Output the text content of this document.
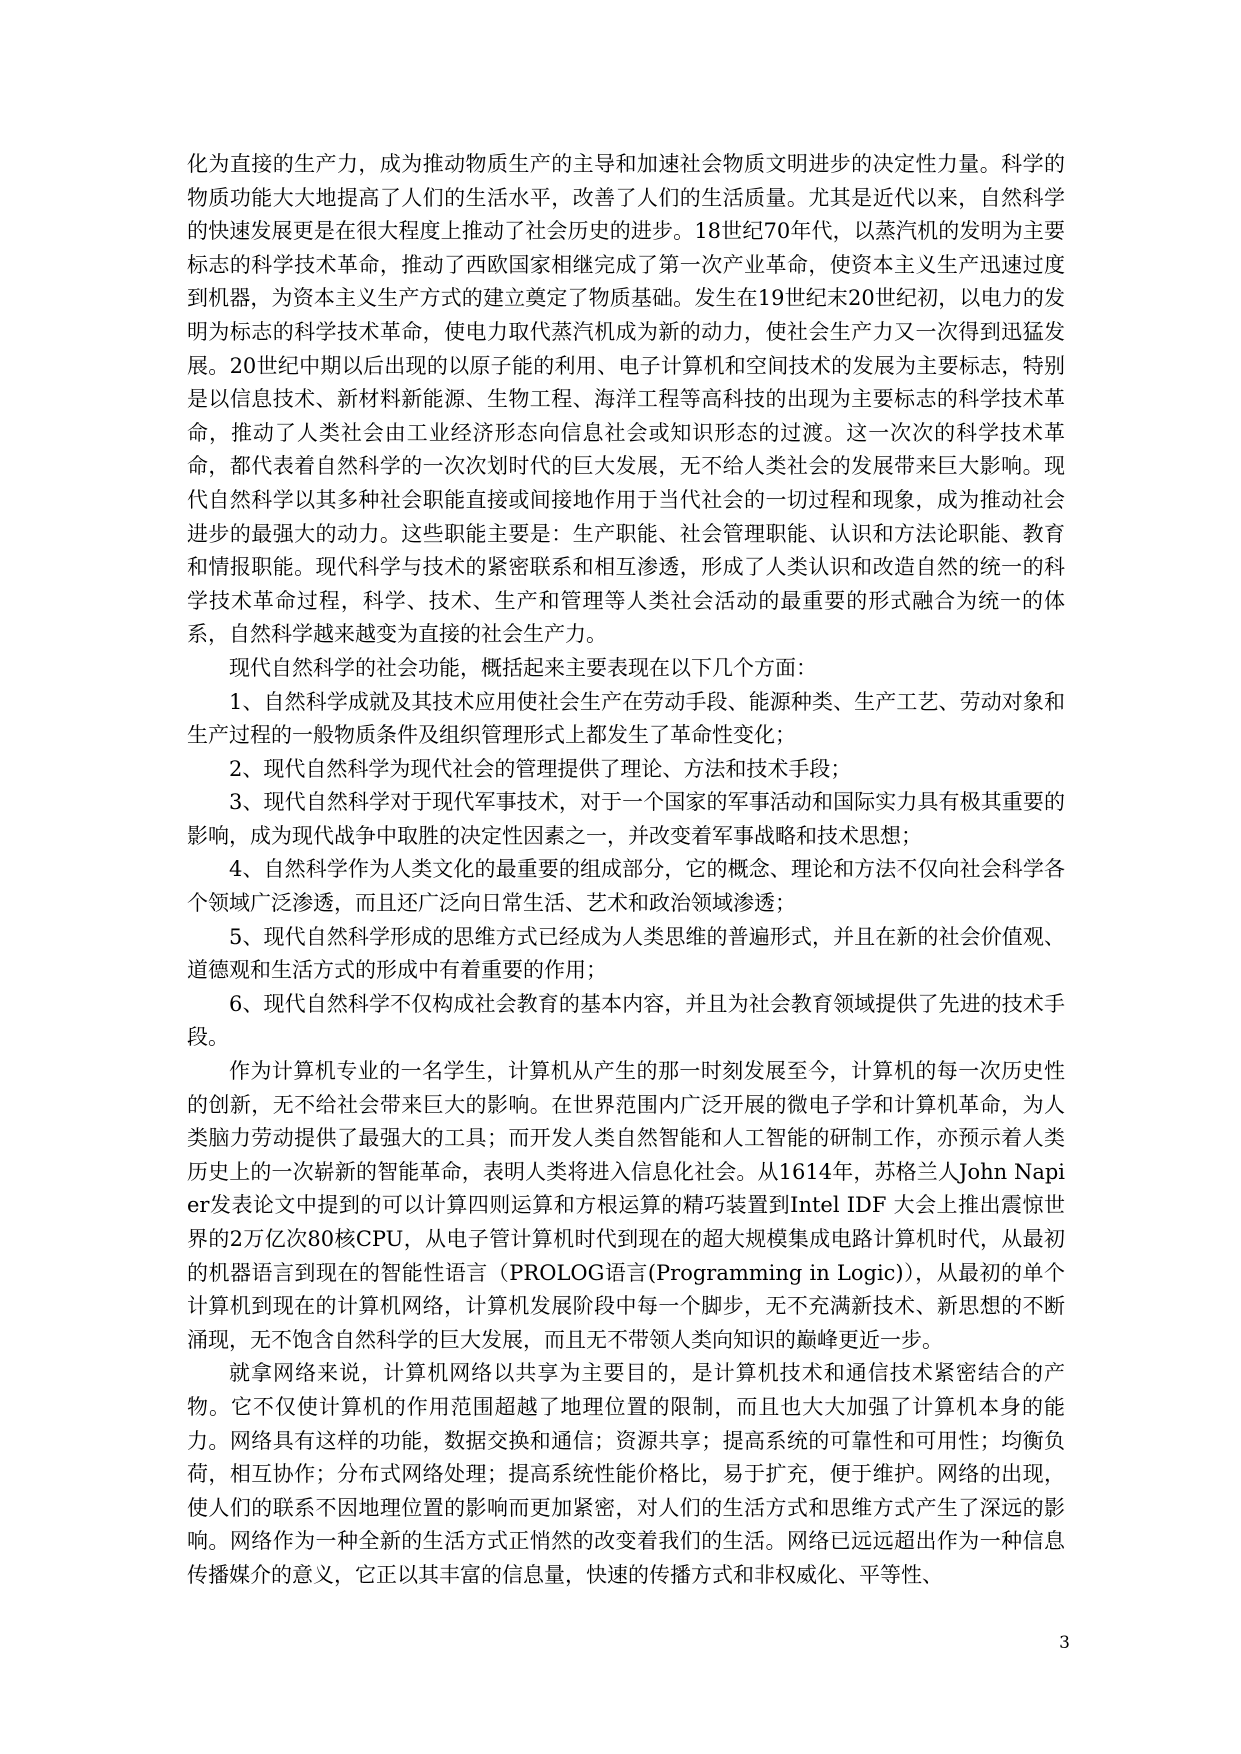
化为直接的生产力，成为推动物质生产的主导和加速社会物质文明进步的决定性力量。科学的物质功能大大地提高了人们的生活水平，改善了人们的生活质量。尤其是近代以来，自然科学的快速发展更是在很大程度上推动了社会历史的进步。18世纪70年代，以蒸汽机的发明为主要标志的科学技术革命，推动了西欧国家相继完成了第一次产业革命，使资本主义生产迅速过度到机器，为资本主义生产方式的建立奠定了物质基础。发生在19世纪末20世纪初，以电力的发明为标志的科学技术革命，使电力取代蒸汽机成为新的动力，使社会生产力又一次得到迅猛发展。20世纪中期以后出现的以原子能的利用、电子计算机和空间技术的发展为主要标志，特别是以信息技术、新材料新能源、生物工程、海洋工程等高科技的出现为主要标志的科学技术革命，推动了人类社会由工业经济形态向信息社会或知识形态的过渡。这一次次的科学技术革命，都代表着自然科学的一次次划时代的巨大发展，无不给人类社会的发展带来巨大影响。现代自然科学以其多种社会职能直接或间接地作用于当代社会的一切过程和现象，成为推动社会进步的最强大的动力。这些职能主要是：生产职能、社会管理职能、认识和方法论职能、教育和情报职能。现代科学与技术的紧密联系和相互渗透，形成了人类认识和改造自然的统一的科学技术革命过程，科学、技术、生产和管理等人类社会活动的最重要的形式融合为统一的体系，自然科学越来越变为直接的社会生产力。

现代自然科学的社会功能，概括起来主要表现在以下几个方面：

1、自然科学成就及其技术应用使社会生产在劳动手段、能源种类、生产工艺、劳动对象和生产过程的一般物质条件及组织管理形式上都发生了革命性变化；

2、现代自然科学为现代社会的管理提供了理论、方法和技术手段；

3、现代自然科学对于现代军事技术，对于一个国家的军事活动和国际实力具有极其重要的影响，成为现代战争中取胜的决定性因素之一，并改变着军事战略和技术思想；

4、自然科学作为人类文化的最重要的组成部分，它的概念、理论和方法不仅向社会科学各个领域广泛渗透，而且还广泛向日常生活、艺术和政治领域渗透；

5、现代自然科学形成的思维方式已经成为人类思维的普遍形式，并且在新的社会价值观、道德观和生活方式的形成中有着重要的作用；

6、现代自然科学不仅构成社会教育的基本内容，并且为社会教育领域提供了先进的技术手段。

作为计算机专业的一名学生，计算机从产生的那一时刻发展至今，计算机的每一次历史性的创新，无不给社会带来巨大的影响。在世界范围内广泛开展的微电子学和计算机革命，为人类脑力劳动提供了最强大的工具；而开发人类自然智能和人工智能的研制工作，亦预示着人类历史上的一次崭新的智能革命，表明人类将进入信息化社会。从1614年，苏格兰人John Napier发表论文中提到的可以计算四则运算和方根运算的精巧装置到Intel IDF 大会上推出震惊世界的2万亿次80核CPU，从电子管计算机时代到现在的超大规模集成电路计算机时代，从最初的机器语言到现在的智能性语言（PROLOG语言(Programming in Logic)），从最初的单个计算机到现在的计算机网络，计算机发展阶段中每一个脚步，无不充满新技术、新思想的不断涌现，无不饱含自然科学的巨大发展，而且无不带领人类向知识的巅峰更近一步。

就拿网络来说，计算机网络以共享为主要目的，是计算机技术和通信技术紧密结合的产物。它不仅使计算机的作用范围超越了地理位置的限制，而且也大大加强了计算机本身的能力。网络具有这样的功能，数据交换和通信；资源共享；提高系统的可靠性和可用性；均衡负荷，相互协作；分布式网络处理；提高系统性能价格比，易于扩充，便于维护。网络的出现，使人们的联系不因地理位置的影响而更加紧密，对人们的生活方式和思维方式产生了深远的影响。网络作为一种全新的生活方式正悄然的改变着我们的生活。网络已远远超出作为一种信息传播媒介的意义，它正以其丰富的信息量，快速的传播方式和非权威化、平等性、

3
